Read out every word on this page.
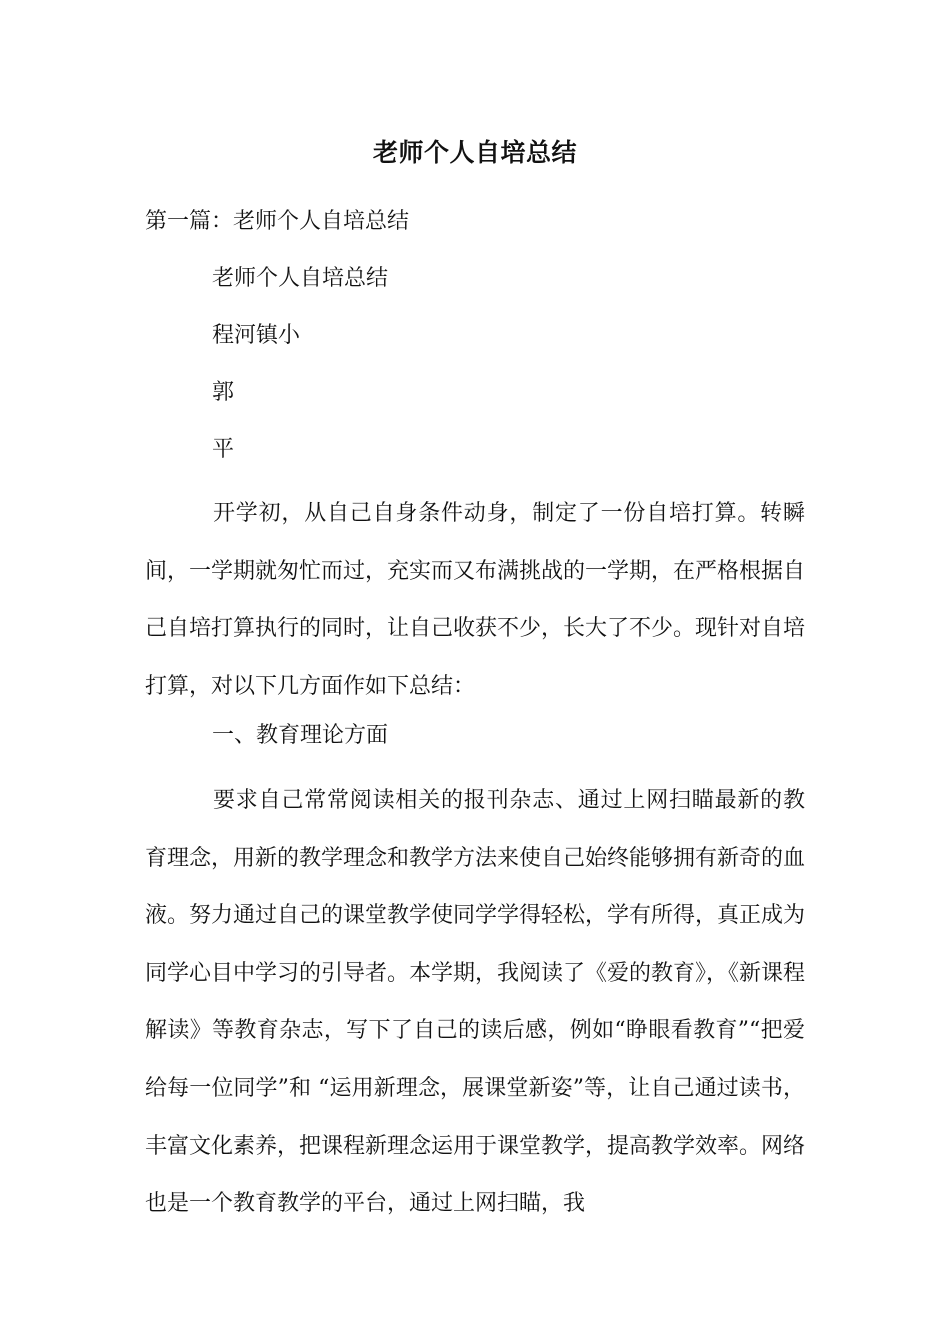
老师个人自培总结
第一篇：老师个人自培总结
老师个人自培总结
程河镇小
郭
平
开学初，从自己自身条件动身，制定了一份自培打算。转瞬间，一学期就匆忙而过，充实而又布满挑战的一学期，在严格根据自己自培打算执行的同时，让自己收获不少，长大了不少。现针对自培打算，对以下几方面作如下总结：
一、教育理论方面
要求自己常常阅读相关的报刊杂志、通过上网扫瞄最新的教育理念，用新的教学理念和教学方法来使自己始终能够拥有新奇的血液。努力通过自己的课堂教学使同学学得轻松，学有所得，真正成为同学心目中学习的引导者。本学期，我阅读了《爱的教育》，《新课程解读》等教育杂志，写下了自己的读后感，例如“睁眼看教育”“把爱给每一位同学”和 “运用新理念，展课堂新姿”等，让自己通过读书，丰富文化素养，把课程新理念运用于课堂教学，提高教学效率。网络也是一个教育教学的平台，通过上网扫瞄，我
